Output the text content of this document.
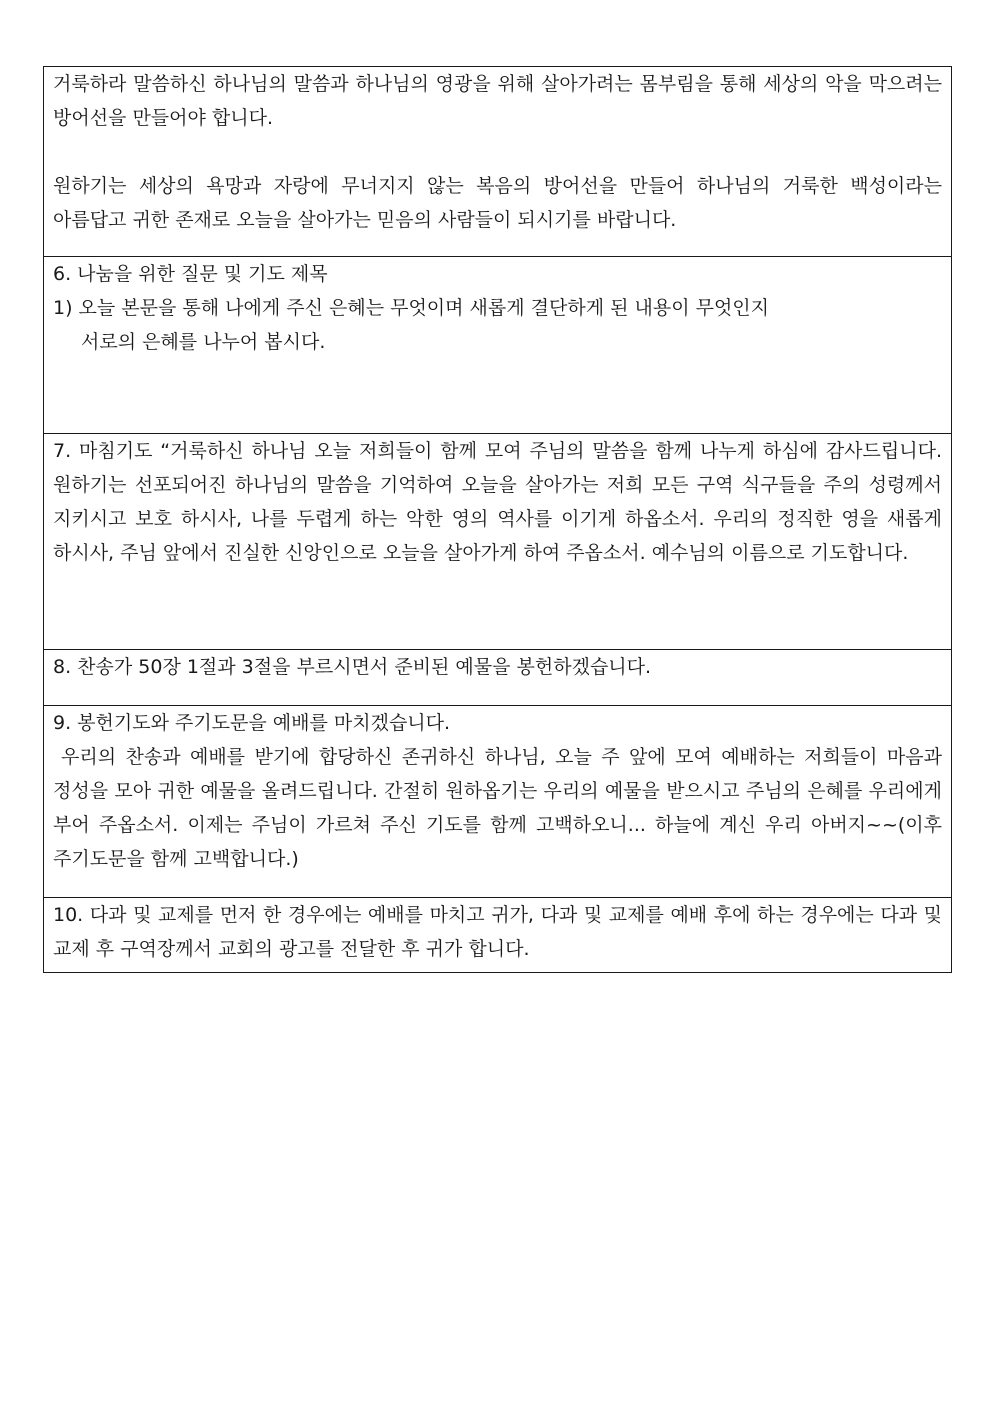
거룩하라 말씀하신 하나님의 말씀과 하나님의 영광을 위해 살아가려는 몸부림을 통해 세상의 악을 막으려는 방어선을 만들어야 합니다.
원하기는 세상의 욕망과 자랑에 무너지지 않는 복음의 방어선을 만들어 하나님의 거룩한 백성이라는 아름답고 귀한 존재로 오늘을 살아가는 믿음의 사람들이 되시기를 바랍니다.

6. 나눔을 위한 질문 및 기도 제목
1) 오늘 본문을 통해 나에게 주신 은혜는 무엇이며 새롭게 결단하게 된 내용이 무엇인지
서로의 은혜를 나누어 봅시다.

7. 마침기도 “거룩하신 하나님 오늘 저희들이 함께 모여 주님의 말씀을 함께 나누게 하심에 감사드립니다. 원하기는 선포되어진 하나님의 말씀을 기억하여 오늘을 살아가는 저희 모든 구역 식구들을 주의 성령께서 지키시고 보호 하시사, 나를 두렵게 하는 악한 영의 역사를 이기게 하옵소서. 우리의 정직한 영을 새롭게 하시사, 주님 앞에서 진실한 신앙인으로 오늘을 살아가게 하여 주옵소서. 예수님의 이름으로 기도합니다.

8. 찬송가 50장 1절과 3절을 부르시면서 준비된 예물을 봉헌하겠습니다.

9. 봉헌기도와 주기도문을 예배를 마치겠습니다.
우리의 찬송과 예배를 받기에 합당하신 존귀하신 하나님, 오늘 주 앞에 모여 예배하는 저희들이 마음과 정성을 모아 귀한 예물을 올려드립니다. 간절히 원하옵기는 우리의 예물을 받으시고 주님의 은혜를 우리에게 부어 주옵소서. 이제는 주님이 가르쳐 주신 기도를 함께 고백하오니... 하늘에 계신 우리 아버지~~(이후 주기도문을 함께 고백합니다.)

10. 다과 및 교제를 먼저 한 경우에는 예배를 마치고 귀가, 다과 및 교제를 예배 후에 하는 경우에는 다과 및 교제 후 구역장께서 교회의 광고를 전달한 후 귀가 합니다.
